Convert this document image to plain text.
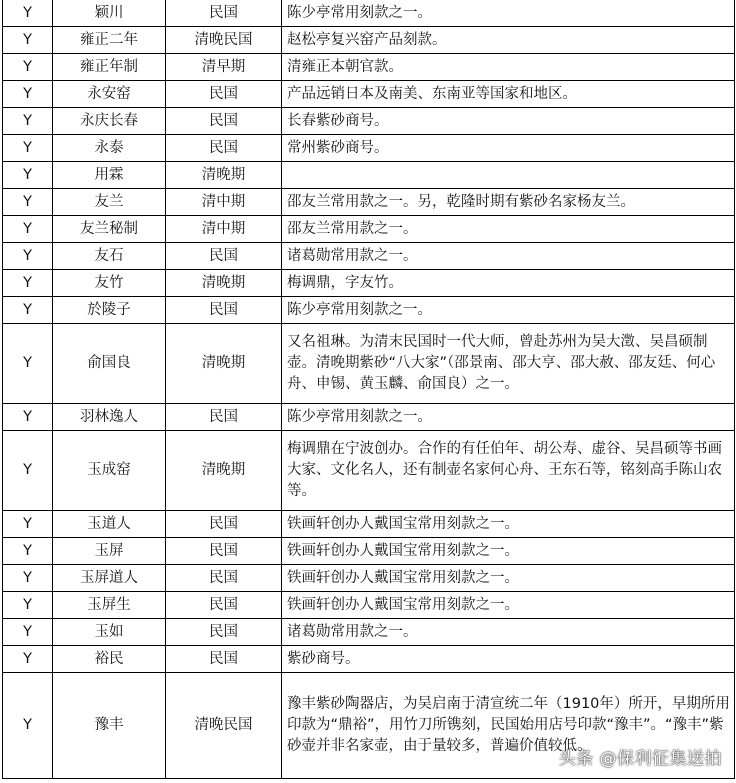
Y	颖川	民国	陈少亭常用刻款之一。
Y	雍正二年	清晚民国	赵松亭复兴窑产品刻款。
Y	雍正年制	清早期	清雍正本朝官款。
Y	永安窑	民国	产品远销日本及南美、东南亚等国家和地区。
Y	永庆长春	民国	长春紫砂商号。
Y	永泰	民国	常州紫砂商号。
Y	用霖	清晚期	
Y	友兰	清中期	邵友兰常用款之一。另，乾隆时期有紫砂名家杨友兰。
Y	友兰秘制	清中期	邵友兰常用款之一。
Y	友石	民国	诸葛勋常用款之一。
Y	友竹	清晚期	梅调鼎，字友竹。
Y	於陵子	民国	陈少亭常用刻款之一。
Y	俞国良	清晚期	又名祖琳。为清末民国时一代大师，曾赴苏州为吴大澂、吴昌硕制壶。清晚期紫砂“八大家”（邵景南、邵大亨、邵大赦、邵友廷、何心舟、申锡、黄玉麟、俞国良）之一。
Y	羽林逸人	民国	陈少亭常用刻款之一。
Y	玉成窑	清晚期	梅调鼎在宁波创办。合作的有任伯年、胡公寿、虚谷、吴昌硕等书画大家、文化名人，还有制壶名家何心舟、王东石等，铭刻高手陈山农等。
Y	玉道人	民国	铁画轩创办人戴国宝常用刻款之一。
Y	玉屏	民国	铁画轩创办人戴国宝常用刻款之一。
Y	玉屏道人	民国	铁画轩创办人戴国宝常用刻款之一。
Y	玉屏生	民国	铁画轩创办人戴国宝常用刻款之一。
Y	玉如	民国	诸葛勋常用款之一。
Y	裕民	民国	紫砂商号。
Y	豫丰	清晚民国	豫丰紫砂陶器店，为吴启南于清宣统二年（1910年）所开，早期所用印款为“鼎裕”，用竹刀所镌刻，民国始用店号印款“豫丰”。“豫丰”紫砂壶并非名家壶，由于量较多，普遍价值较低。
头条 @保利征集送拍
